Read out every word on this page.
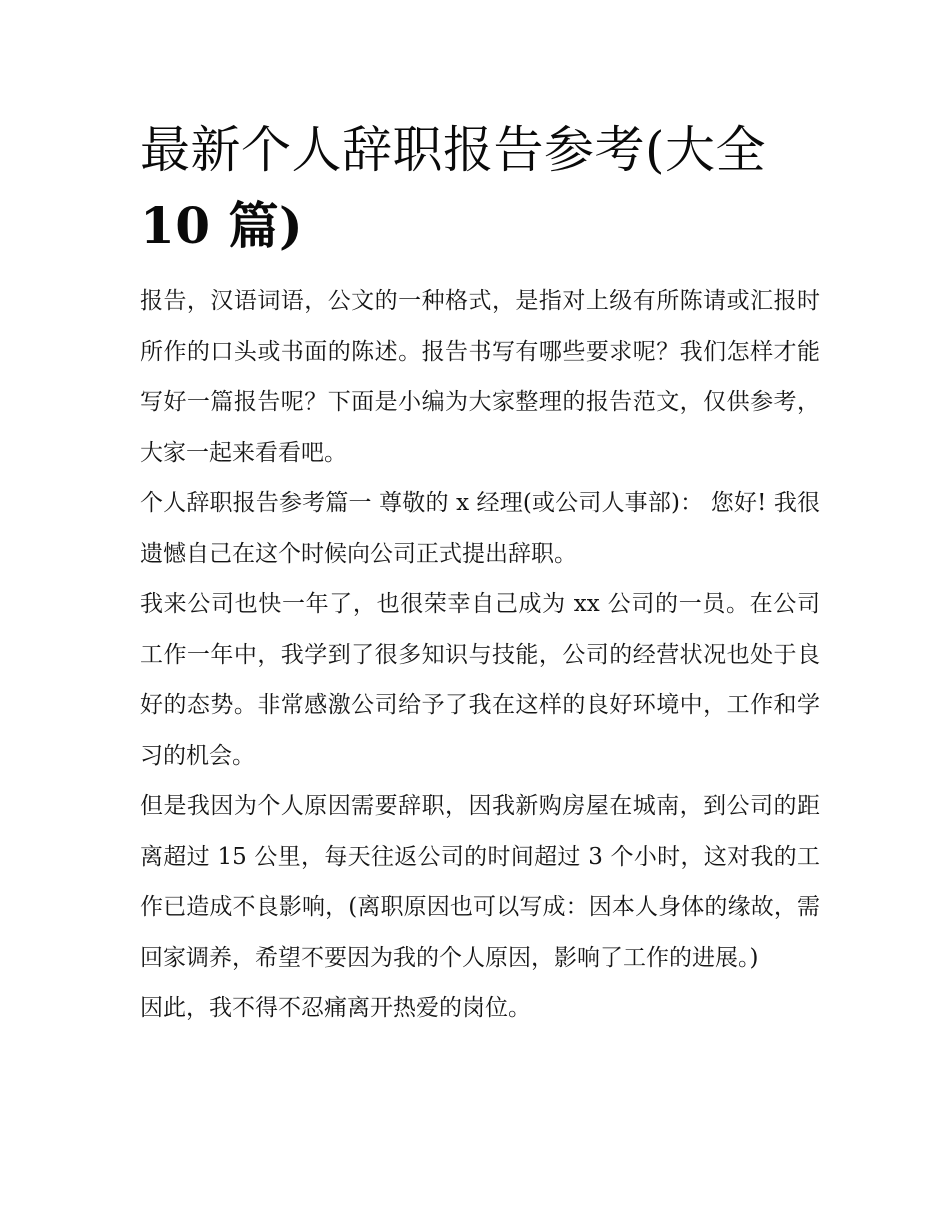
最新个人辞职报告参考(大全
10 篇)

报告，汉语词语，公文的一种格式，是指对上级有所陈请或汇报时所作的口头或书面的陈述。报告书写有哪些要求呢？我们怎样才能写好一篇报告呢？下面是小编为大家整理的报告范文，仅供参考，大家一起来看看吧。

个人辞职报告参考篇一 尊敬的 x 经理(或公司人事部)： 您好! 我很遗憾自己在这个时候向公司正式提出辞职。

我来公司也快一年了，也很荣幸自己成为 xx 公司的一员。在公司工作一年中，我学到了很多知识与技能，公司的经营状况也处于良好的态势。非常感激公司给予了我在这样的良好环境中，工作和学习的机会。

但是我因为个人原因需要辞职，因我新购房屋在城南，到公司的距离超过 15 公里，每天往返公司的时间超过 3 个小时，这对我的工作已造成不良影响，(离职原因也可以写成：因本人身体的缘故，需回家调养，希望不要因为我的个人原因，影响了工作的进展。)

因此，我不得不忍痛离开热爱的岗位。
